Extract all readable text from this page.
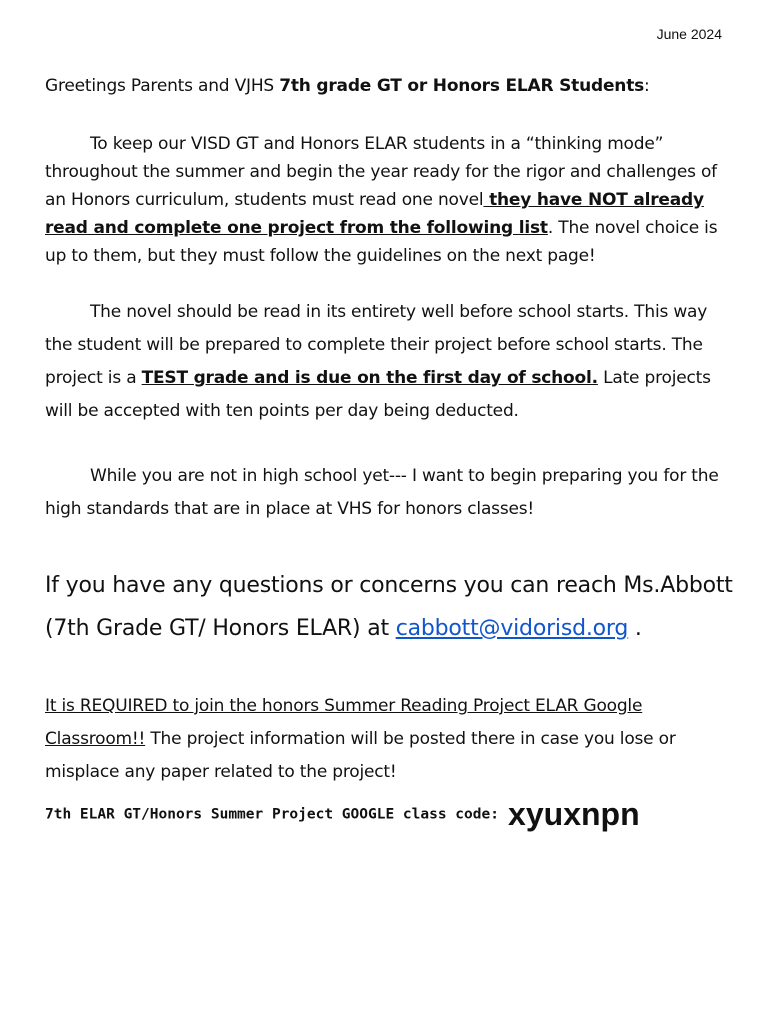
June 2024
Greetings Parents and VJHS 7th grade GT or Honors ELAR Students:
To keep our VISD GT and Honors ELAR students in a “thinking mode” throughout the summer and begin the year ready for the rigor and challenges of an Honors curriculum, students must read one novel they have NOT already read and complete one project from the following list. The novel choice is up to them, but they must follow the guidelines on the next page!
The novel should be read in its entirety well before school starts. This way the student will be prepared to complete their project before school starts. The project is a TEST grade and is due on the first day of school. Late projects will be accepted with ten points per day being deducted.
While you are not in high school yet--- I want to begin preparing you for the high standards that are in place at VHS for honors classes!
If you have any questions or concerns you can reach Ms.Abbott (7th Grade GT/ Honors ELAR) at cabbott@vidorisd.org .
It is REQUIRED to join the honors Summer Reading Project ELAR Google Classroom!! The project information will be posted there in case you lose or misplace any paper related to the project!
7th ELAR GT/Honors Summer Project GOOGLE class code: xyuxnpn
